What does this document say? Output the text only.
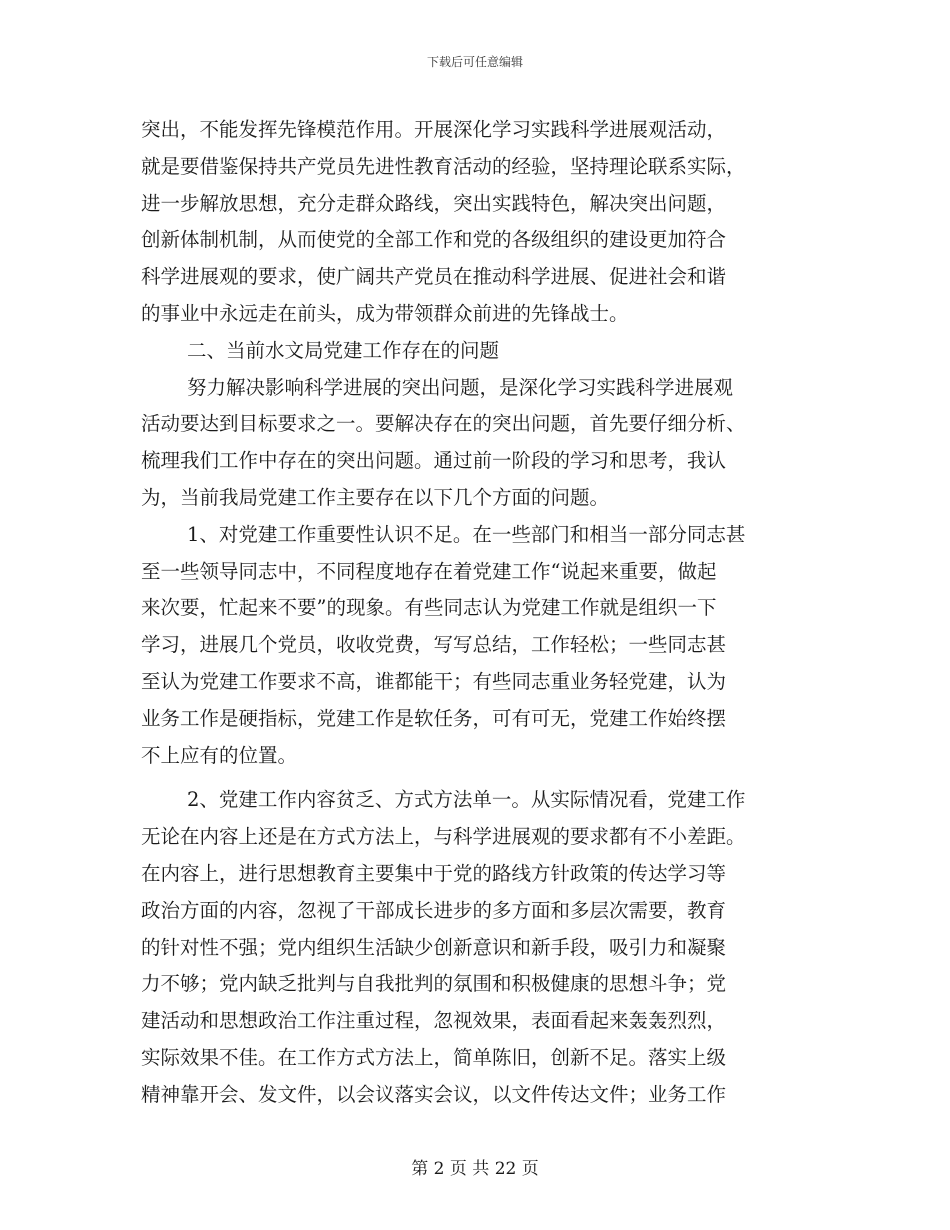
下载后可任意编辑
突出，不能发挥先锋模范作用。开展深化学习实践科学进展观活动，
就是要借鉴保持共产党员先进性教育活动的经验，坚持理论联系实际，
进一步解放思想，充分走群众路线，突出实践特色，解决突出问题，
创新体制机制，从而使党的全部工作和党的各级组织的建设更加符合
科学进展观的要求，使广阔共产党员在推动科学进展、促进社会和谐
的事业中永远走在前头，成为带领群众前进的先锋战士。
二、当前水文局党建工作存在的问题
努力解决影响科学进展的突出问题，是深化学习实践科学进展观
活动要达到目标要求之一。要解决存在的突出问题，首先要仔细分析、
梳理我们工作中存在的突出问题。通过前一阶段的学习和思考，我认
为，当前我局党建工作主要存在以下几个方面的问题。
1、对党建工作重要性认识不足。在一些部门和相当一部分同志甚
至一些领导同志中，不同程度地存在着党建工作“说起来重要，做起
来次要，忙起来不要”的现象。有些同志认为党建工作就是组织一下
学习，进展几个党员，收收党费，写写总结，工作轻松；一些同志甚
至认为党建工作要求不高，谁都能干；有些同志重业务轻党建，认为
业务工作是硬指标，党建工作是软任务，可有可无，党建工作始终摆
不上应有的位置。
2、党建工作内容贫乏、方式方法单一。从实际情况看，党建工作
无论在内容上还是在方式方法上，与科学进展观的要求都有不小差距。
在内容上，进行思想教育主要集中于党的路线方针政策的传达学习等
政治方面的内容，忽视了干部成长进步的多方面和多层次需要，教育
的针对性不强；党内组织生活缺少创新意识和新手段，吸引力和凝聚
力不够；党内缺乏批判与自我批判的氛围和积极健康的思想斗争；党
建活动和思想政治工作注重过程，忽视效果，表面看起来轰轰烈烈，
实际效果不佳。在工作方式方法上，简单陈旧，创新不足。落实上级
精神靠开会、发文件，以会议落实会议，以文件传达文件；业务工作
第 2 页 共 22 页
